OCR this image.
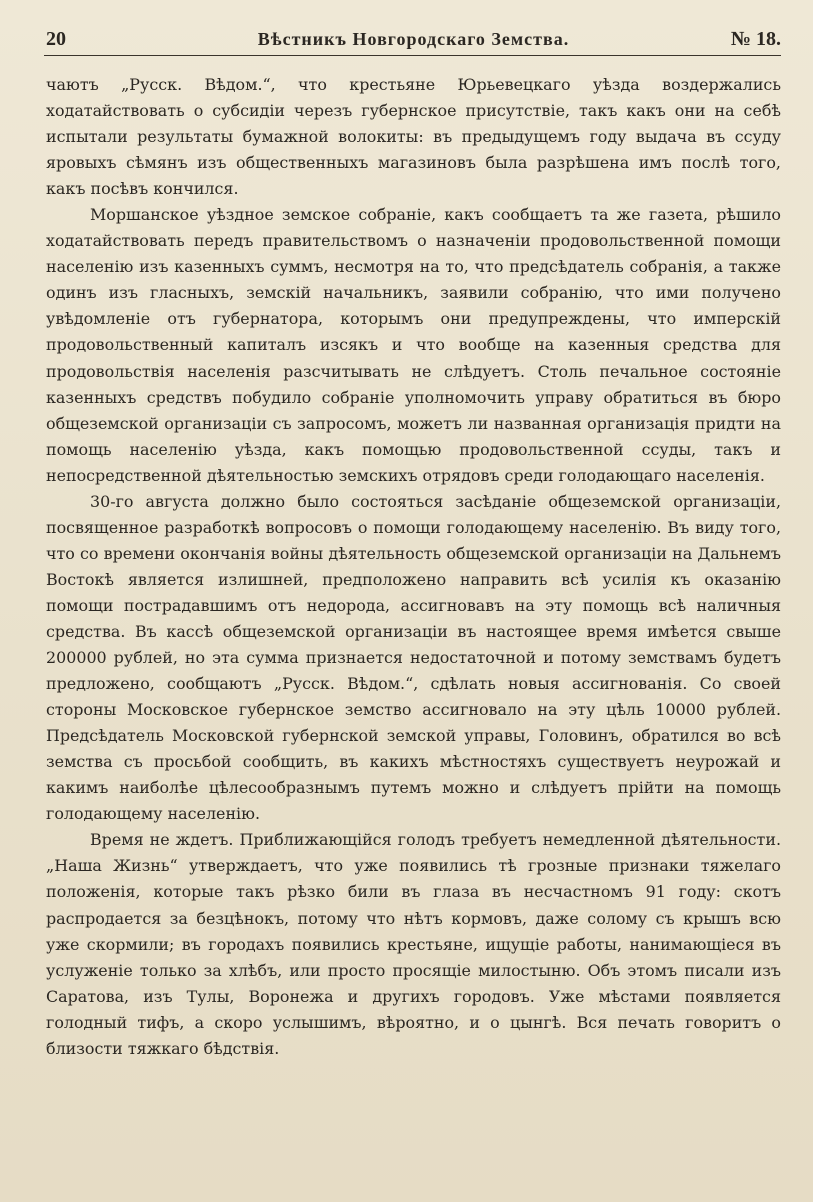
20	Вѣстникъ Новгородскаго Земства.	№ 18.

чаютъ „Русск. Вѣдом.“, что крестьяне Юрьевецкаго уѣзда воздержались ходатайствовать о субсидіи черезъ губернское присутствіе, такъ какъ они на себѣ испытали результаты бумажной волокиты: въ предыдущемъ году выдача въ ссуду яровыхъ сѣмянъ изъ общественныхъ магазиновъ была разрѣшена имъ послѣ того, какъ посѣвъ кончился.

Моршанское уѣздное земское собраніе, какъ сообщаетъ та же газета, рѣшило ходатайствовать передъ правительствомъ о назначеніи продовольственной помощи населенію изъ казенныхъ суммъ, несмотря на то, что предсѣдатель собранія, а также одинъ изъ гласныхъ, земскій начальникъ, заявили собранію, что ими получено увѣдомленіе отъ губернатора, которымъ они предупреждены, что имперскій продовольственный капиталъ изсякъ и что вообще на казенныя средства для продовольствія населенія разсчитывать не слѣдуетъ. Столь печальное состояніе казенныхъ средствъ побудило собраніе уполномочить управу обратиться въ бюро общеземской организаціи съ запросомъ, можетъ ли названная организація придти на помощь населенію уѣзда, какъ помощью продовольственной ссуды, такъ и непосредственной дѣятельностью земскихъ отрядовъ среди голодающаго населенія.

30-го августа должно было состояться засѣданіе общеземской организаціи, посвященное разработкѣ вопросовъ о помощи голодающему населенію. Въ виду того, что со времени окончанія войны дѣятельность общеземской организаціи на Дальнемъ Востокѣ является излишней, предположено направить всѣ усилія къ оказанію помощи пострадавшимъ отъ недорода, ассигновавъ на эту помощь всѣ наличныя средства. Въ кассѣ общеземской организаціи въ настоящее время имѣется свыше 200000 рублей, но эта сумма признается недостаточной и потому земствамъ будетъ предложено, сообщаютъ „Русск. Вѣдом.“, сдѣлать новыя ассигнованія. Со своей стороны Московское губернское земство ассигновало на эту цѣль 10000 рублей. Предсѣдатель Московской губернской земской управы, Головинъ, обратился во всѣ земства съ просьбой сообщить, въ какихъ мѣстностяхъ существуетъ неурожай и какимъ наиболѣе цѣлесообразнымъ путемъ можно и слѣдуетъ прійти на помощь голодающему населенію.

Время не ждетъ. Приближающійся голодъ требуетъ немедленной дѣятельности. „Наша Жизнь“ утверждаетъ, что уже появились тѣ грозные признаки тяжелаго положенія, которые такъ рѣзко били въ глаза въ несчастномъ 91 году: скотъ распродается за безцѣнокъ, потому что нѣтъ кормовъ, даже солому съ крышъ всю уже скормили; въ городахъ появились крестьяне, ищущіе работы, нанимающіеся въ услуженіе только за хлѣбъ, или просто просящіе милостыню. Объ этомъ писали изъ Саратова, изъ Тулы, Воронежа и другихъ городовъ. Уже мѣстами появляется голодный тифъ, а скоро услышимъ, вѣроятно, и о цынгѣ. Вся печать говоритъ о близости тяжкаго бѣдствія.
